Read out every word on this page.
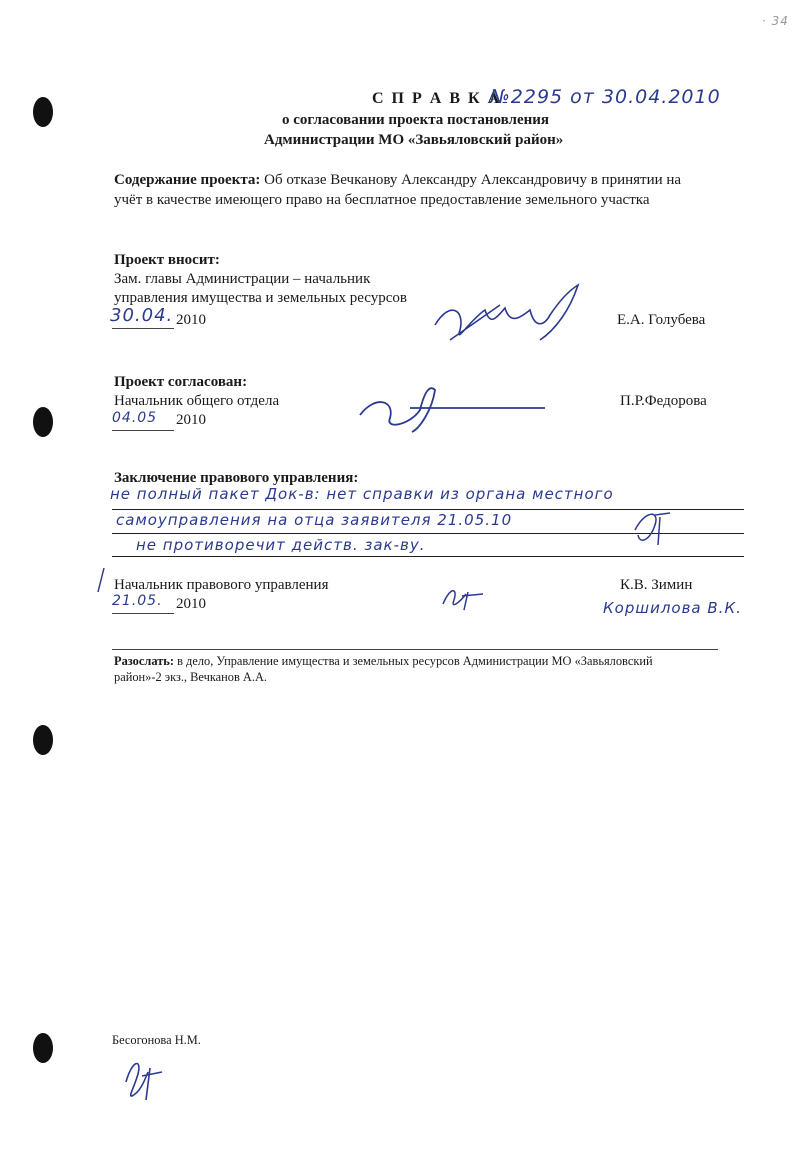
· 34
С П Р А В К А
№2295 от 30.04.2010
о согласовании проекта постановления
Администрации МО «Завьяловский район»
Содержание проекта: Об отказе Вечканову Александру Александровичу в принятии на
учёт в качестве имеющего право на бесплатное предоставление земельного участка
Проект вносит:
Зам. главы Администрации – начальник
управления имущества и земельных ресурсов
30.04. 2010	Е.А. Голубева
Проект согласован:
Начальник общего отдела
04.05 2010
П.Р.Федорова
Заключение правового управления:
не полный пакет Док-в: нет справки из органа местного
самоуправления на отца заявителя 21.05.10
не противоречит действ. зак-ву.
Начальник правового управления
21.05. 2010
К.В. Зимин
Коршилова В.К.
Разослать: в дело, Управление имущества и земельных ресурсов Администрации МО «Завьяловский
район»-2 экз., Вечканов А.А.
Бесогонова Н.М.
